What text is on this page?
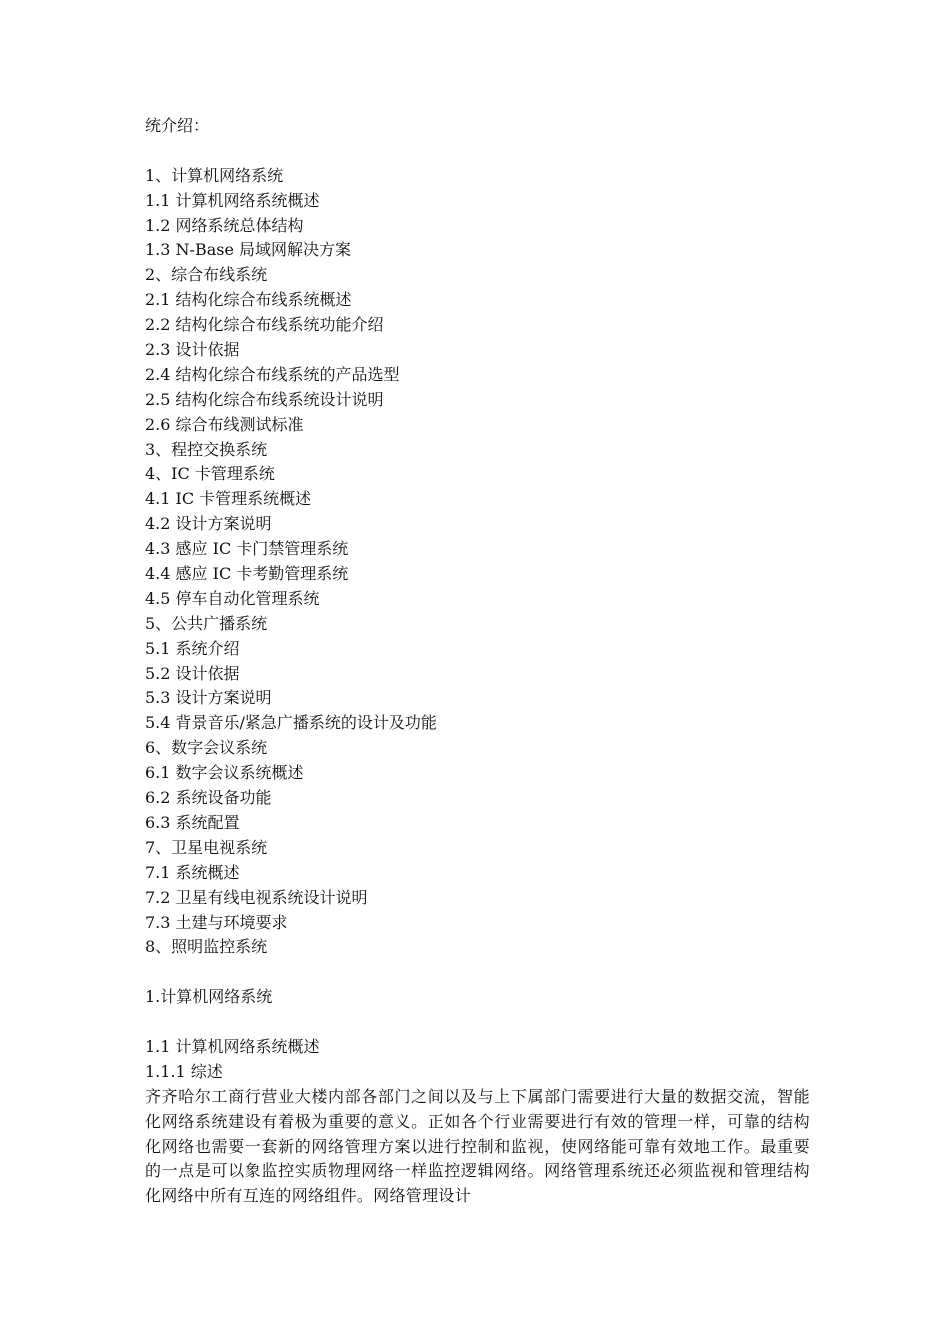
统介绍：
1、计算机网络系统
1.1 计算机网络系统概述
1.2 网络系统总体结构
1.3 N-Base 局域网解决方案
2、综合布线系统
2.1 结构化综合布线系统概述
2.2 结构化综合布线系统功能介绍
2.3 设计依据
2.4 结构化综合布线系统的产品选型
2.5 结构化综合布线系统设计说明
2.6 综合布线测试标准
3、程控交换系统
4、IC 卡管理系统
4.1 IC 卡管理系统概述
4.2 设计方案说明
4.3 感应 IC 卡门禁管理系统
4.4 感应 IC 卡考勤管理系统
4.5 停车自动化管理系统
5、公共广播系统
5.1 系统介绍
5.2 设计依据
5.3 设计方案说明
5.4 背景音乐/紧急广播系统的设计及功能
6、数字会议系统
6.1 数字会议系统概述
6.2 系统设备功能
6.3 系统配置
7、卫星电视系统
7.1 系统概述
7.2 卫星有线电视系统设计说明
7.3 土建与环境要求
8、照明监控系统
1.计算机网络系统
1.1 计算机网络系统概述
1.1.1 综述
齐齐哈尔工商行营业大楼内部各部门之间以及与上下属部门需要进行大量的数据交流，智能化网络系统建设有着极为重要的意义。正如各个行业需要进行有效的管理一样，可靠的结构化网络也需要一套新的网络管理方案以进行控制和监视，使网络能可靠有效地工作。最重要的一点是可以象监控实质物理网络一样监控逻辑网络。网络管理系统还必须监视和管理结构化网络中所有互连的网络组件。网络管理设计
